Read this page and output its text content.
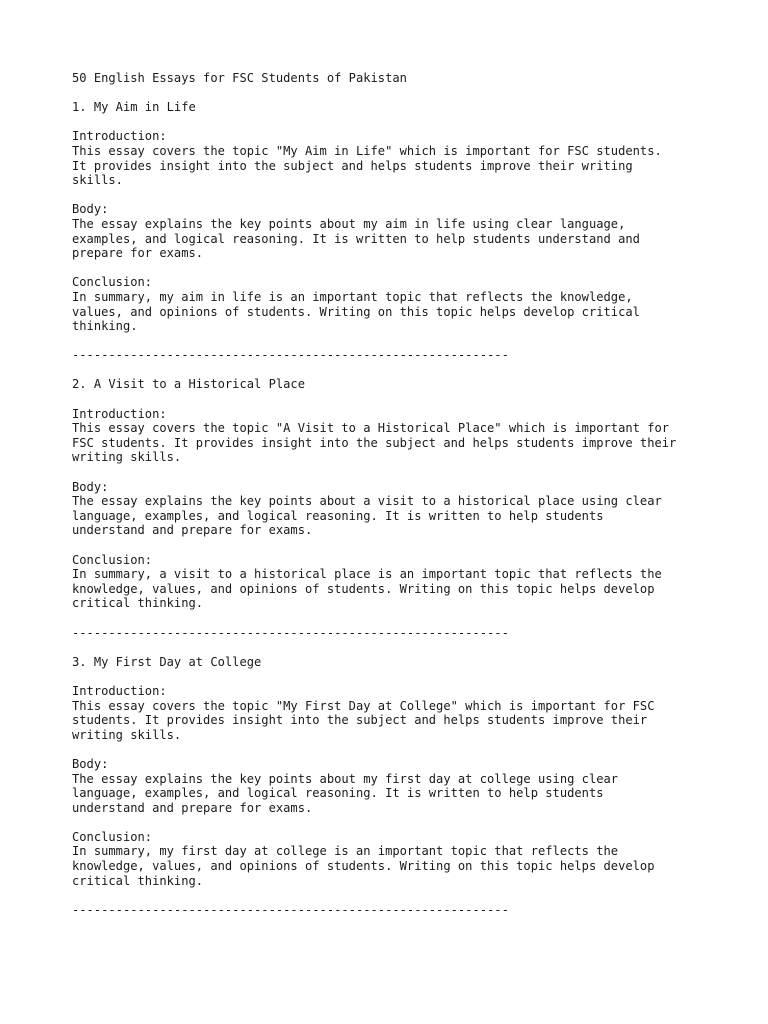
50 English Essays for FSC Students of Pakistan
1. My Aim in Life
Introduction:
This essay covers the topic "My Aim in Life" which is important for FSC students.
It provides insight into the subject and helps students improve their writing
skills.
Body:
The essay explains the key points about my aim in life using clear language,
examples, and logical reasoning. It is written to help students understand and
prepare for exams.
Conclusion:
In summary, my aim in life is an important topic that reflects the knowledge,
values, and opinions of students. Writing on this topic helps develop critical
thinking.
------------------------------------------------------------
2. A Visit to a Historical Place
Introduction:
This essay covers the topic "A Visit to a Historical Place" which is important for
FSC students. It provides insight into the subject and helps students improve their
writing skills.
Body:
The essay explains the key points about a visit to a historical place using clear
language, examples, and logical reasoning. It is written to help students
understand and prepare for exams.
Conclusion:
In summary, a visit to a historical place is an important topic that reflects the
knowledge, values, and opinions of students. Writing on this topic helps develop
critical thinking.
------------------------------------------------------------
3. My First Day at College
Introduction:
This essay covers the topic "My First Day at College" which is important for FSC
students. It provides insight into the subject and helps students improve their
writing skills.
Body:
The essay explains the key points about my first day at college using clear
language, examples, and logical reasoning. It is written to help students
understand and prepare for exams.
Conclusion:
In summary, my first day at college is an important topic that reflects the
knowledge, values, and opinions of students. Writing on this topic helps develop
critical thinking.
------------------------------------------------------------
